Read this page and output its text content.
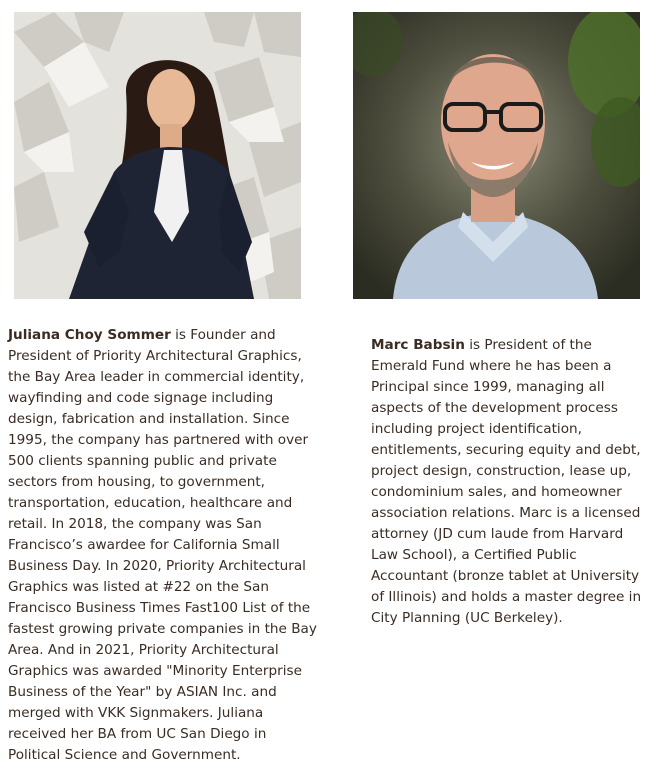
Juliana Choy Sommer is Founder and
President of Priority Architectural Graphics,
the Bay Area leader in commercial identity,
wayfinding and code signage including
design, fabrication and installation. Since
1995, the company has partnered with over
500 clients spanning public and private
sectors from housing, to government,
transportation, education, healthcare and
retail. In 2018, the company was San
Francisco’s awardee for California Small
Business Day. In 2020, Priority Architectural
Graphics was listed at #22 on the San
Francisco Business Times Fast100 List of the
fastest growing private companies in the Bay
Area. And in 2021, Priority Architectural
Graphics was awarded "Minority Enterprise
Business of the Year" by ASIAN Inc. and
merged with VKK Signmakers. Juliana
received her BA from UC San Diego in
Political Science and Government.

Marc Babsin is President of the
Emerald Fund where he has been a
Principal since 1999, managing all
aspects of the development process
including project identification,
entitlements, securing equity and debt,
project design, construction, lease up,
condominium sales, and homeowner
association relations. Marc is a licensed
attorney (JD cum laude from Harvard
Law School), a Certified Public
Accountant (bronze tablet at University
of Illinois) and holds a master degree in
City Planning (UC Berkeley).
